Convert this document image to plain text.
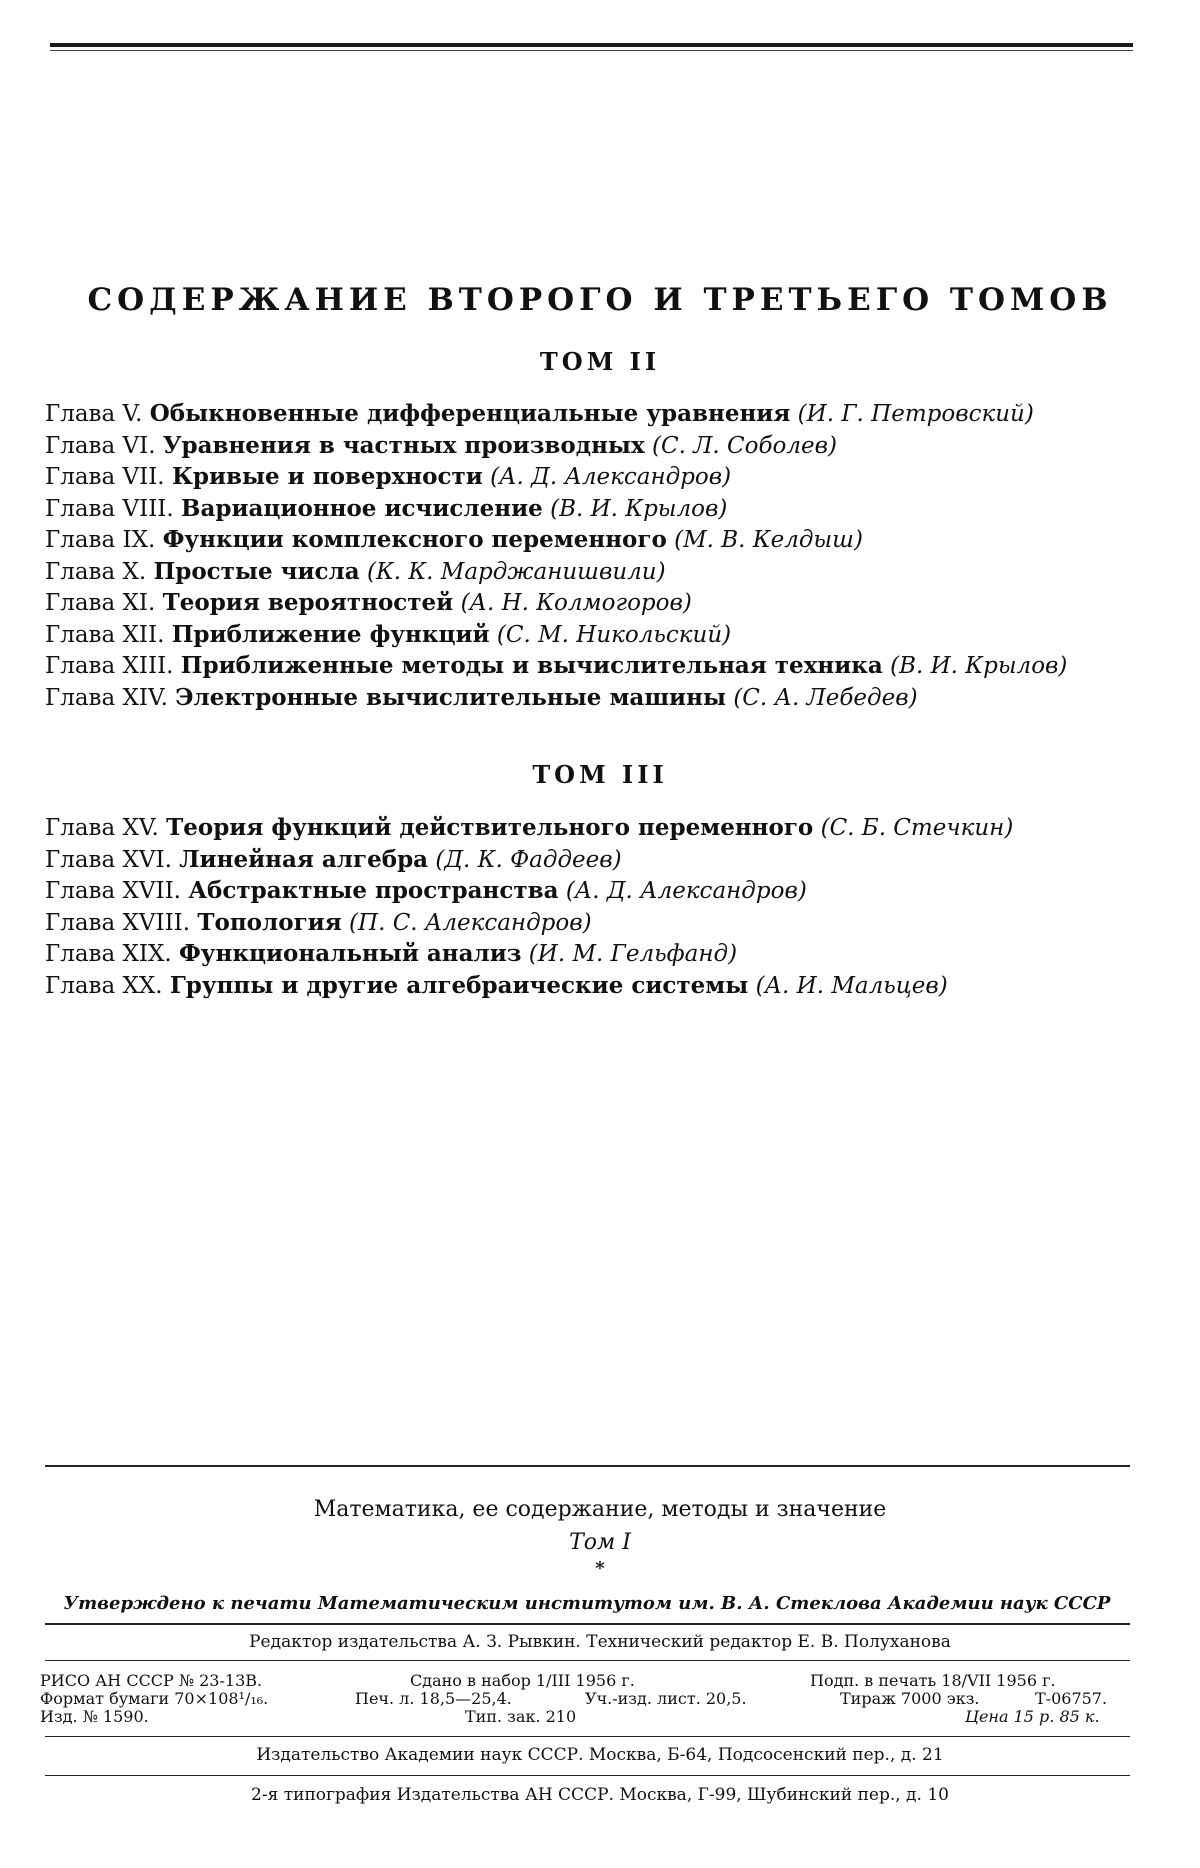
СОДЕРЖАНИЕ ВТОРОГО И ТРЕТЬЕГО ТОМОВ
ТОМ II
Глава V. Обыкновенные дифференциальные уравнения (И. Г. Петровский)
Глава VI. Уравнения в частных производных (С. Л. Соболев)
Глава VII. Кривые и поверхности (А. Д. Александров)
Глава VIII. Вариационное исчисление (В. И. Крылов)
Глава IX. Функции комплексного переменного (М. В. Келдыш)
Глава X. Простые числа (К. К. Марджанишвили)
Глава XI. Теория вероятностей (А. Н. Колмогоров)
Глава XII. Приближение функций (С. М. Никольский)
Глава XIII. Приближенные методы и вычислительная техника (В. И. Крылов)
Глава XIV. Электронные вычислительные машины (С. А. Лебедев)
ТОМ III
Глава XV. Теория функций действительного переменного (С. Б. Стечкин)
Глава XVI. Линейная алгебра (Д. К. Фаддеев)
Глава XVII. Абстрактные пространства (А. Д. Александров)
Глава XVIII. Топология (П. С. Александров)
Глава XIX. Функциональный анализ (И. М. Гельфанд)
Глава XX. Группы и другие алгебраические системы (А. И. Мальцев)
Математика, ее содержание, методы и значение
Том I
*
Утверждено к печати Математическим институтом им. В. А. Стеклова Академии наук СССР
Редактор издательства А. З. Рывкин. Технический редактор Е. В. Полуханова
РИСО АН СССР № 23-13В.	Сдано в набор 1/III 1956 г.	Подп. в печать 18/VII 1956 г.
Формат бумаги 70×108¹/₁₆.	Печ. л. 18,5—25,4.	Уч.-изд. лист. 20,5.	Тираж 7000 экз.	Т-06757.
Изд. № 1590.	Тип. зак. 210	Цена 15 р. 85 к.
Издательство Академии наук СССР. Москва, Б-64, Подсосенский пер., д. 21
2-я типография Издательства АН СССР. Москва, Г-99, Шубинский пер., д. 10
